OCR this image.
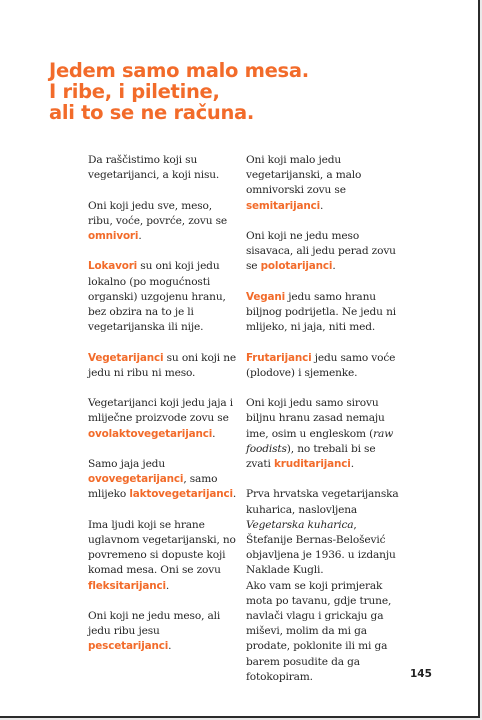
Jedem samo malo mesa.
I ribe, i piletine,
ali to se ne računa.

Da raščistimo koji su vegetarijanci, a koji nisu.

Oni koji jedu sve, meso, ribu, voće, povrće, zovu se omnivori.

Lokavori su oni koji jedu lokalno (po mogućnosti organski) uzgojenu hranu, bez obzira na to je li vegetarijanska ili nije.

Vegetarijanci su oni koji ne jedu ni ribu ni meso.

Vegetarijanci koji jedu jaja i mliječne proizvode zovu se ovolaktovegetarijanci.

Samo jaja jedu ovovegetarijanci, samo mlijeko laktovegetarijanci.

Ima ljudi koji se hrane uglavnom vegetarijanski, no povremeno si dopuste koji komad mesa. Oni se zovu fleksitarijanci.

Oni koji ne jedu meso, ali jedu ribu jesu pescetarijanci.

Oni koji malo jedu vegetarijanski, a malo omnivorski zovu se semitarijanci.

Oni koji ne jedu meso sisavaca, ali jedu perad zovu se polotarijanci.

Vegani jedu samo hranu biljnog podrijetla. Ne jedu ni mlijeko, ni jaja, niti med.

Frutarijanci jedu samo voće (plodove) i sjemenke.

Oni koji jedu samo sirovu biljnu hranu zasad nemaju ime, osim u engleskom (raw foodists), no trebali bi se zvati kruditarijanci.

Prva hrvatska vegetarijanska kuharica, naslovljena Vegetarska kuharica, Štefanije Bernas-Belošević objavljena je 1936. u izdanju Naklade Kugli.
Ako vam se koji primjerak mota po tavanu, gdje trune, navlači vlagu i grickaju ga miševi, molim da mi ga prodate, poklonite ili mi ga barem posudite da ga fotokopiram.	145
